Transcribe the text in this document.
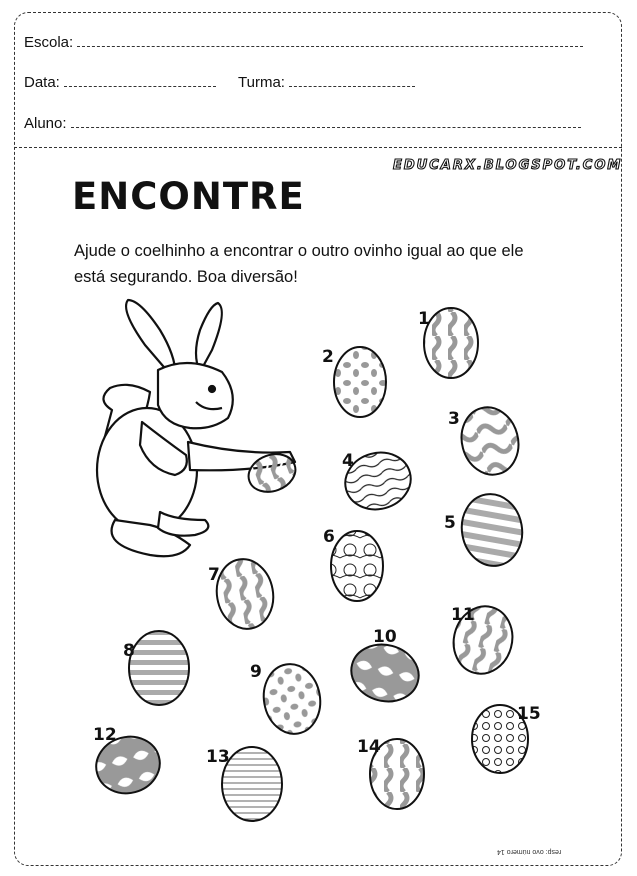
Escola:
Data:	Turma:
Aluno:
EDUCARX.BLOGSPOT.COM
ENCONTRE
Ajude o coelhinho a encontrar o outro ovinho igual ao que ele está segurando. Boa diversão!
1
2
3
4
5
6
7
8
9
10
11
12
13	14
15
resp: ovo número 14
